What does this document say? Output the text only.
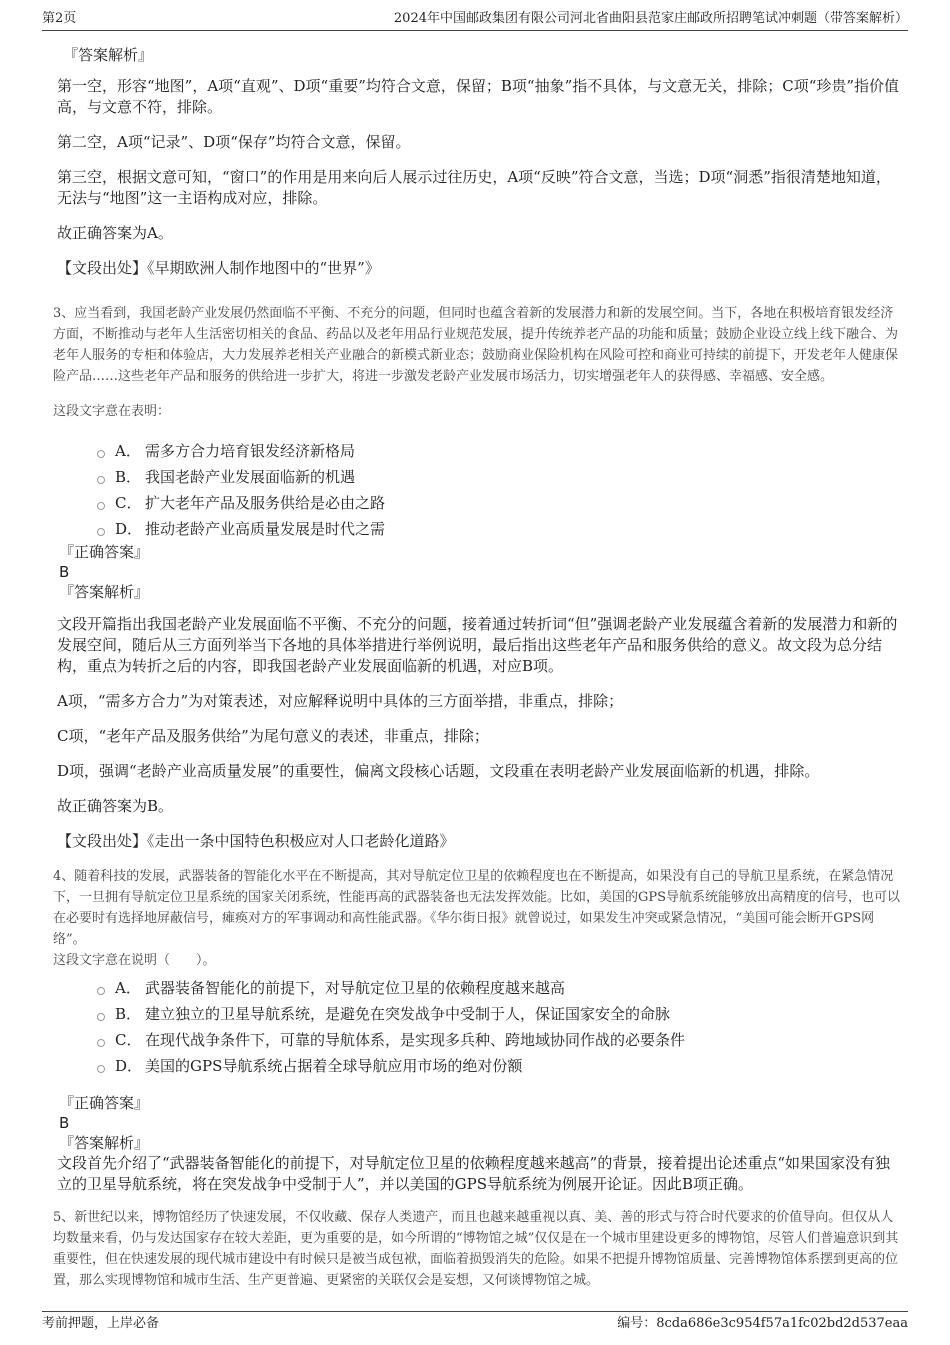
第2页	2024年中国邮政集团有限公司河北省曲阳县范家庄邮政所招聘笔试冲刺题（带答案解析）
『答案解析』
第一空，形容“地图”，A项“直观”、D项“重要”均符合文意，保留；B项“抽象”指不具体，与文意无关，排除；C项“珍贵”指价值高，与文意不符，排除。
第二空，A项“记录”、D项“保存”均符合文意，保留。
第三空，根据文意可知，“窗口”的作用是用来向后人展示过往历史，A项“反映”符合文意，当选；D项“洞悉”指很清楚地知道，无法与“地图”这一主语构成对应，排除。
故正确答案为A。
【文段出处】《早期欧洲人制作地图中的“世界”》
3、应当看到，我国老龄产业发展仍然面临不平衡、不充分的问题，但同时也蕴含着新的发展潜力和新的发展空间。当下，各地在积极培育银发经济方面，不断推动与老年人生活密切相关的食品、药品以及老年用品行业规范发展，提升传统养老产品的功能和质量；鼓励企业设立线上线下融合、为老年人服务的专柜和体验店，大力发展养老相关产业融合的新模式新业态；鼓励商业保险机构在风险可控和商业可持续的前提下，开发老年人健康保险产品……这些老年产品和服务的供给进一步扩大，将进一步激发老龄产业发展市场活力，切实增强老年人的获得感、幸福感、安全感。
这段文字意在表明：
A． 需多方合力培育银发经济新格局
B． 我国老龄产业发展面临新的机遇
C． 扩大老年产品及服务供给是必由之路
D． 推动老龄产业高质量发展是时代之需
『正确答案』
B
『答案解析』
文段开篇指出我国老龄产业发展面临不平衡、不充分的问题，接着通过转折词“但”强调老龄产业发展蕴含着新的发展潜力和新的发展空间，随后从三方面列举当下各地的具体举措进行举例说明，最后指出这些老年产品和服务供给的意义。故文段为总分结构，重点为转折之后的内容，即我国老龄产业发展面临新的机遇，对应B项。
A项，“需多方合力”为对策表述，对应解释说明中具体的三方面举措，非重点，排除；
C项，“老年产品及服务供给”为尾句意义的表述，非重点，排除；
D项，强调“老龄产业高质量发展”的重要性，偏离文段核心话题，文段重在表明老龄产业发展面临新的机遇，排除。
故正确答案为B。
【文段出处】《走出一条中国特色积极应对人口老龄化道路》
4、随着科技的发展，武器装备的智能化水平在不断提高，其对导航定位卫星的依赖程度也在不断提高，如果没有自己的导航卫星系统，在紧急情况下，一旦拥有导航定位卫星系统的国家关闭系统，性能再高的武器装备也无法发挥效能。比如，美国的GPS导航系统能够放出高精度的信号，也可以在必要时有选择地屏蔽信号，瘫痪对方的军事调动和高性能武器。《华尔街日报》就曾说过，如果发生冲突或紧急情况，“美国可能会断开GPS网络”。
这段文字意在说明（　　）。
A． 武器装备智能化的前提下，对导航定位卫星的依赖程度越来越高
B． 建立独立的卫星导航系统，是避免在突发战争中受制于人，保证国家安全的命脉
C． 在现代战争条件下，可靠的导航体系，是实现多兵种、跨地域协同作战的必要条件
D． 美国的GPS导航系统占据着全球导航应用市场的绝对份额
『正确答案』
B
『答案解析』
文段首先介绍了“武器装备智能化的前提下，对导航定位卫星的依赖程度越来越高”的背景，接着提出论述重点“如果国家没有独立的卫星导航系统，将在突发战争中受制于人”，并以美国的GPS导航系统为例展开论证。因此B项正确。
5、新世纪以来，博物馆经历了快速发展，不仅收藏、保存人类遗产，而且也越来越重视以真、美、善的形式与符合时代要求的价值导向。但仅从人均数量来看，仍与发达国家存在较大差距，更为重要的是，如今所谓的“博物馆之城”仅仅是在一个城市里建设更多的博物馆，尽管人们普遍意识到其重要性，但在快速发展的现代城市建设中有时候只是被当成包袱，面临着损毁消失的危险。如果不把提升博物馆质量、完善博物馆体系摆到更高的位置，那么实现博物馆和城市生活、生产更普遍、更紧密的关联仅会是妄想，又何谈博物馆之城。
考前押题，上岸必备	编号：8cda686e3c954f57a1fc02bd2d537eaa
